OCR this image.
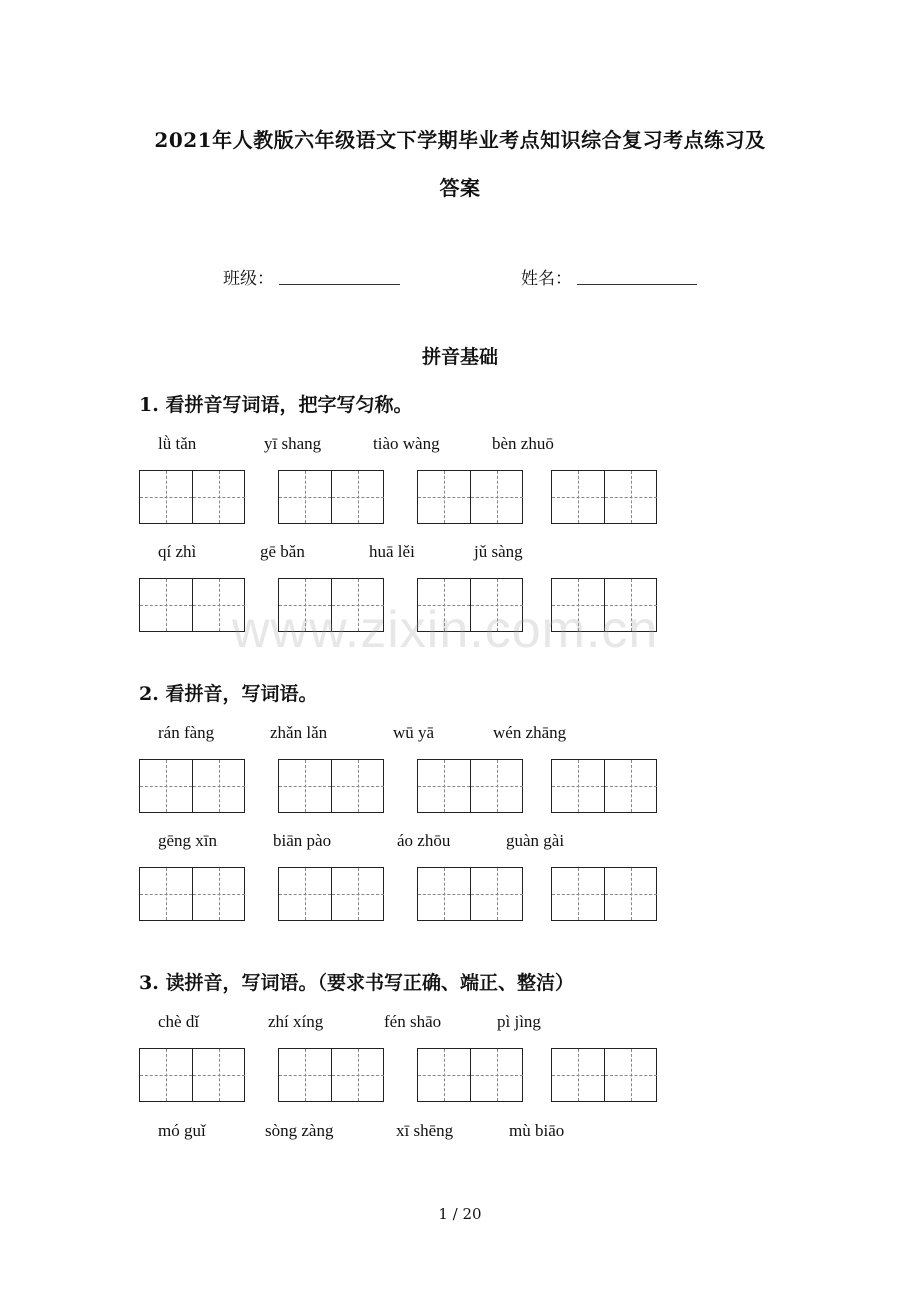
2021年人教版六年级语文下学期毕业考点知识综合复习考点练习及
答案
班级：	姓名：
拼音基础
1. 看拼音写词语，把字写匀称。
lǜ tǎn	yī shang	tiào wàng	bèn zhuō
qí zhì	gē bǎn	huā lěi	jǔ sàng
2. 看拼音，写词语。
rán fàng	zhǎn lǎn	wū yā	wén zhāng
gēng xīn	biān pào	áo zhōu	guàn gài
3. 读拼音，写词语。（要求书写正确、端正、整洁）
chè dǐ	zhí xíng	fén shāo	pì jìng
mó guǐ	sòng zàng	xī shēng	mù biāo
www.zixin.com.cn
1 / 20
